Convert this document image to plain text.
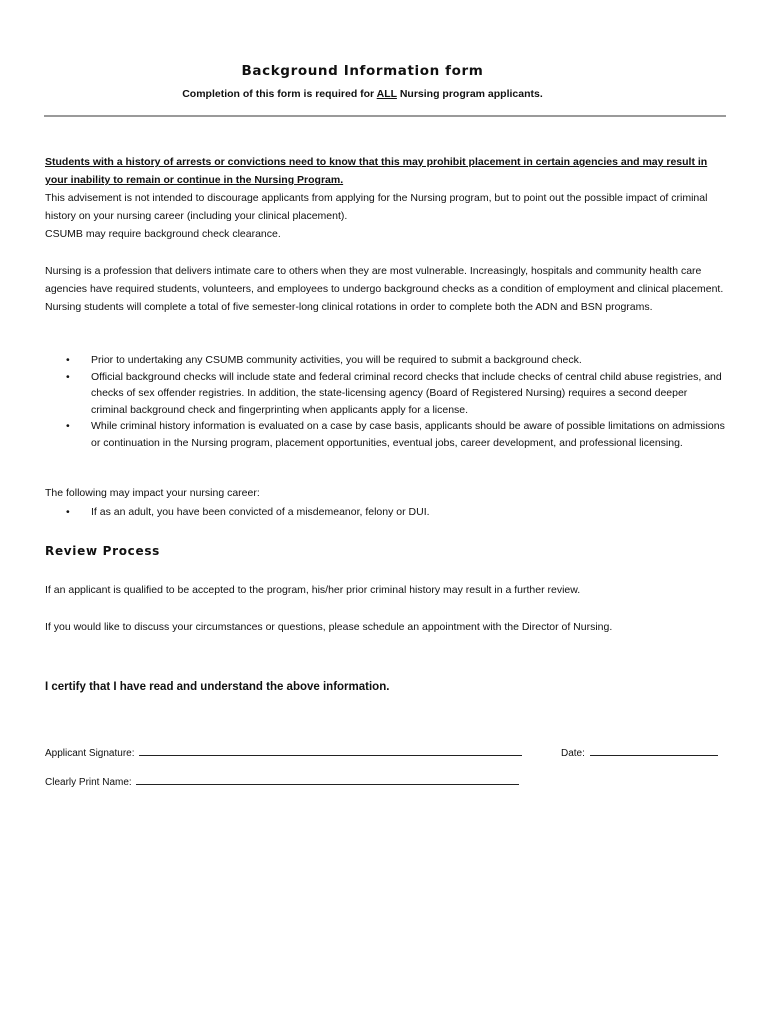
Background Information form
Completion of this form is required for ALL Nursing program applicants.
Students with a history of arrests or convictions need to know that this may prohibit placement in certain agencies and may result in your inability to remain or continue in the Nursing Program.
This advisement is not intended to discourage applicants from applying for the Nursing program, but to point out the possible impact of criminal history on your nursing career (including your clinical placement).
CSUMB may require background check clearance.
Nursing is a profession that delivers intimate care to others when they are most vulnerable. Increasingly, hospitals and community health care agencies have required students, volunteers, and employees to undergo background checks as a condition of employment and clinical placement. Nursing students will complete a total of five semester-long clinical rotations in order to complete both the ADN and BSN programs.
• Prior to undertaking any CSUMB community activities, you will be required to submit a background check.
• Official background checks will include state and federal criminal record checks that include checks of central child abuse registries, and checks of sex offender registries. In addition, the state-licensing agency (Board of Registered Nursing) requires a second deeper criminal background check and fingerprinting when applicants apply for a license.
• While criminal history information is evaluated on a case by case basis, applicants should be aware of possible limitations on admissions or continuation in the Nursing program, placement opportunities, eventual jobs, career development, and professional licensing.
The following may impact your nursing career:
• If as an adult, you have been convicted of a misdemeanor, felony or DUI.
Review Process
If an applicant is qualified to be accepted to the program, his/her prior criminal history may result in a further review.
If you would like to discuss your circumstances or questions, please schedule an appointment with the Director of Nursing.
I certify that I have read and understand the above information.
Applicant Signature:	Date:
Clearly Print Name:
